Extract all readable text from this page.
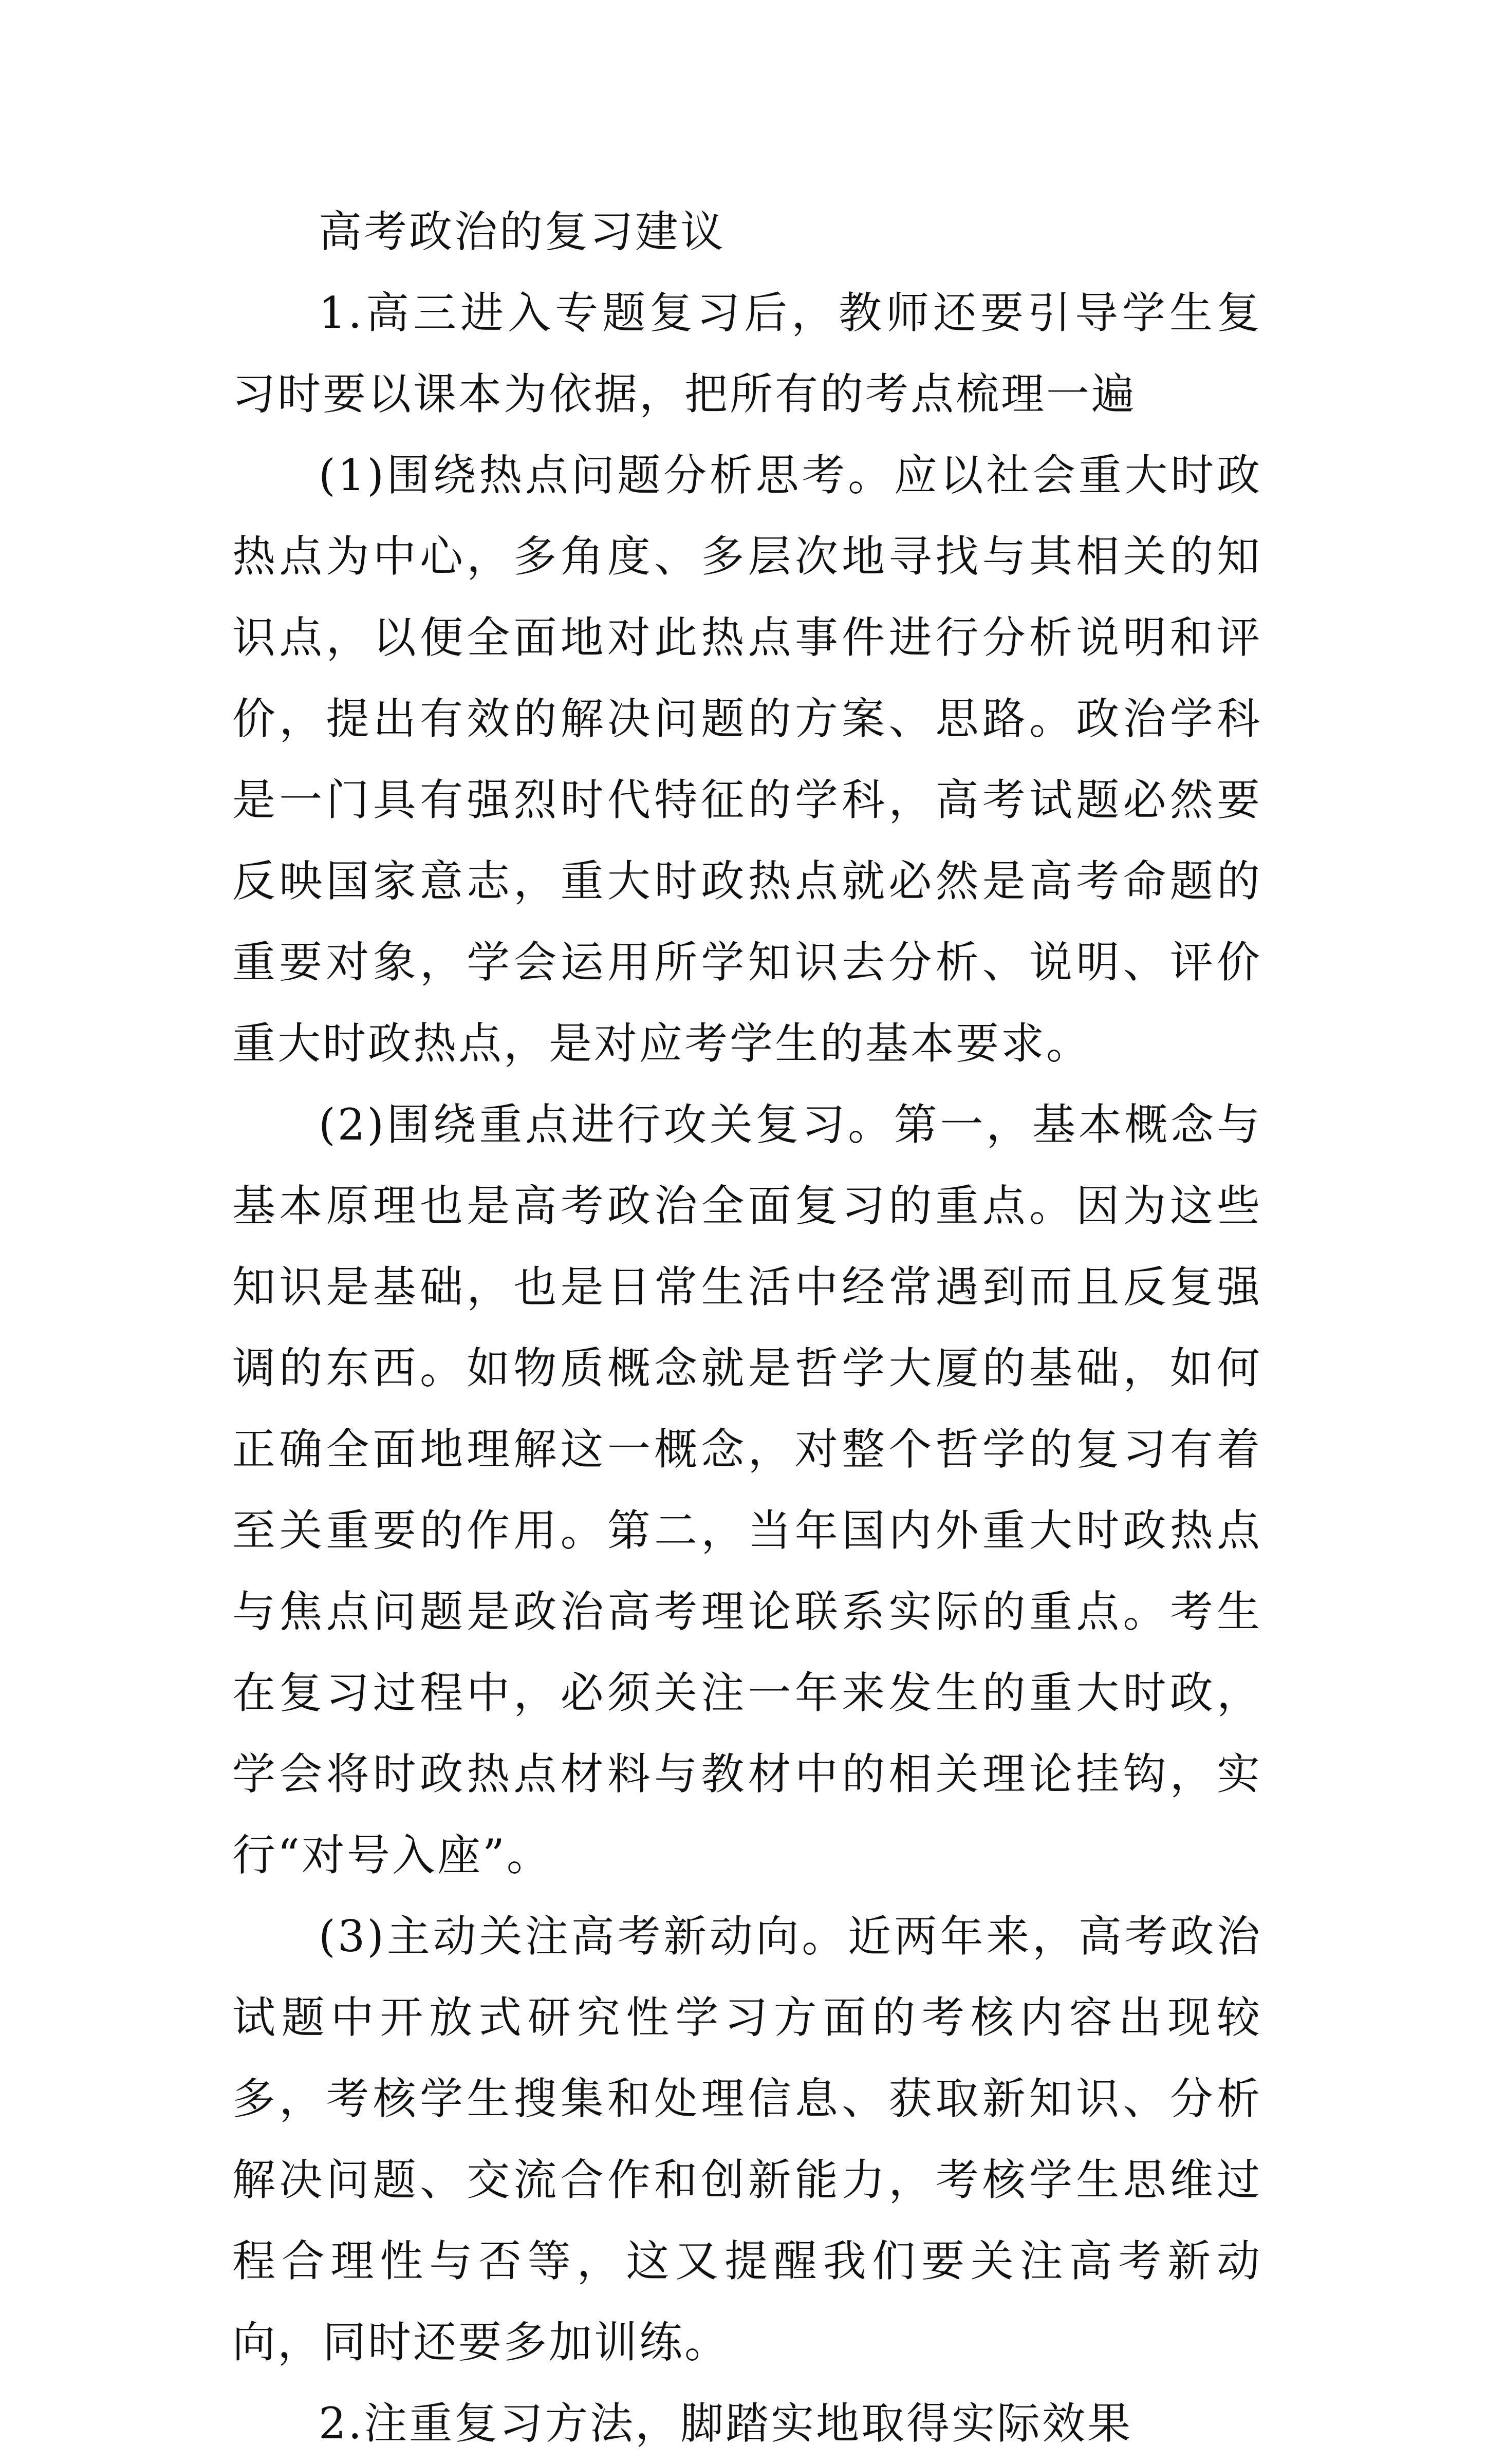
高考政治的复习建议

1.高三进入专题复习后，教师还要引导学生复习时要以课本为依据，把所有的考点梳理一遍

(1)围绕热点问题分析思考。应以社会重大时政热点为中心，多角度、多层次地寻找与其相关的知识点，以便全面地对此热点事件进行分析说明和评价，提出有效的解决问题的方案、思路。政治学科是一门具有强烈时代特征的学科，高考试题必然要反映国家意志，重大时政热点就必然是高考命题的重要对象，学会运用所学知识去分析、说明、评价重大时政热点，是对应考学生的基本要求。

(2)围绕重点进行攻关复习。第一，基本概念与基本原理也是高考政治全面复习的重点。因为这些知识是基础，也是日常生活中经常遇到而且反复强调的东西。如物质概念就是哲学大厦的基础，如何正确全面地理解这一概念，对整个哲学的复习有着至关重要的作用。第二，当年国内外重大时政热点与焦点问题是政治高考理论联系实际的重点。考生在复习过程中，必须关注一年来发生的重大时政，学会将时政热点材料与教材中的相关理论挂钩，实行“对号入座”。

(3)主动关注高考新动向。近两年来，高考政治试题中开放式研究性学习方面的考核内容出现较多，考核学生搜集和处理信息、获取新知识、分析解决问题、交流合作和创新能力，考核学生思维过程合理性与否等，这又提醒我们要关注高考新动向，同时还要多加训练。

2.注重复习方法，脚踏实地取得实际效果
